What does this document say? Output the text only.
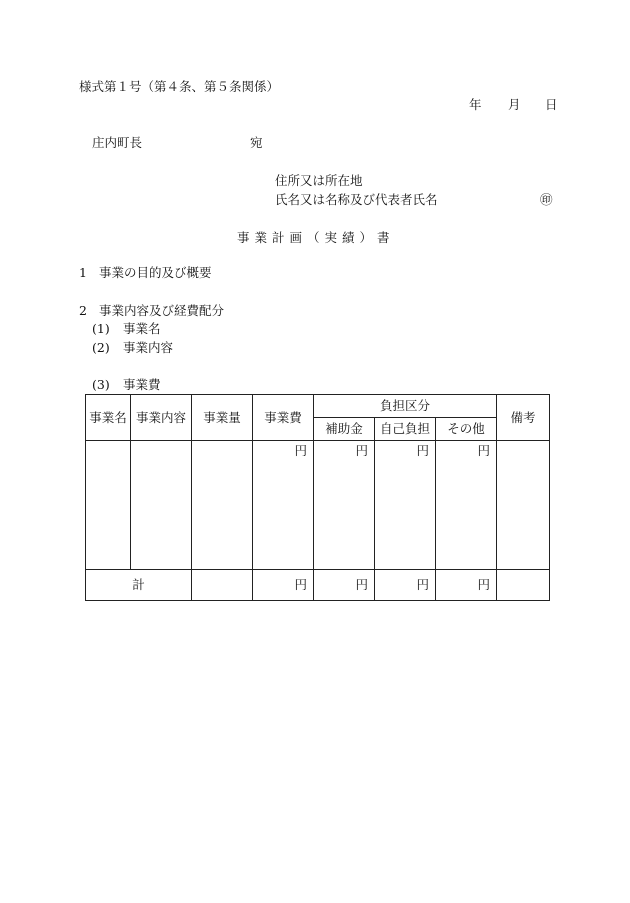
様式第１号（第４条、第５条関係）
年 月 日
庄内町長	宛
住所又は所在地
氏名又は名称及び代表者氏名	㊞
事業計画（実績）書
1 事業の目的及び概要
2 事業内容及び経費配分
(1) 事業名
(2) 事業内容
(3) 事業費
事業名	事業内容	事業量	事業費	負担区分			備考
				補助金	自己負担	その他	
			円	円	円	円	
計			円	円	円	円	
